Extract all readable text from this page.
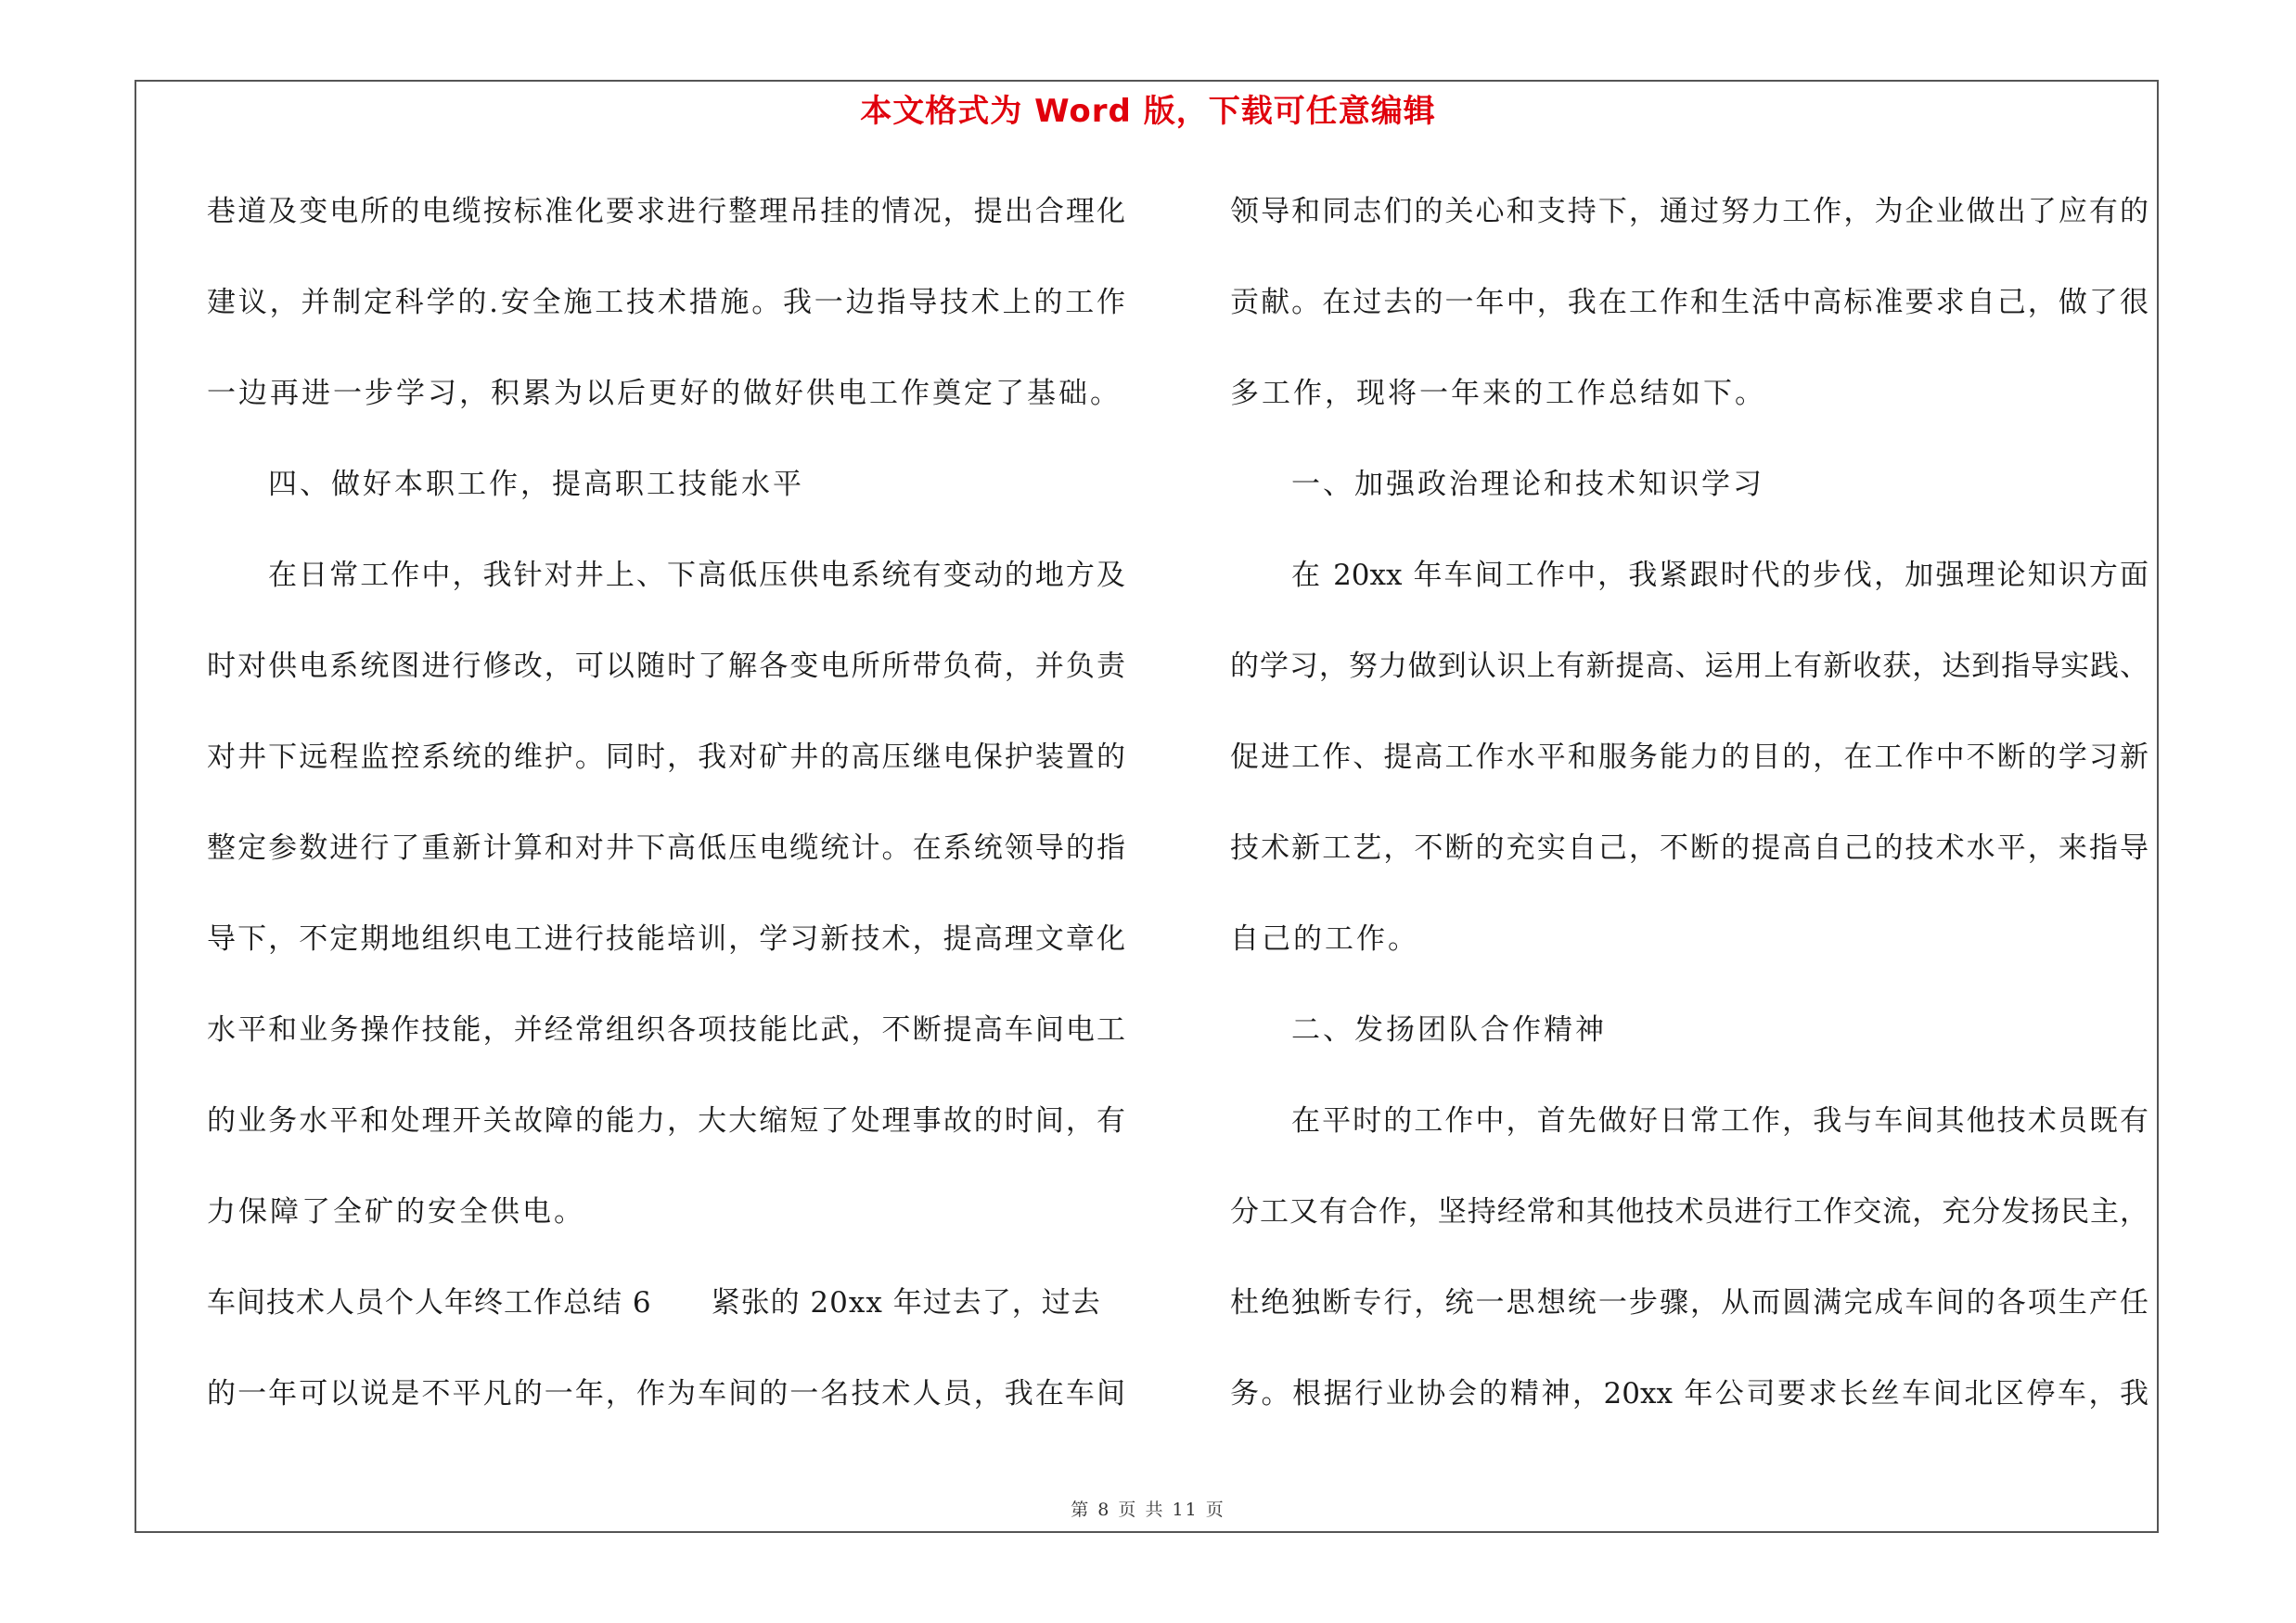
本文格式为 Word 版，下载可任意编辑
巷道及变电所的电缆按标准化要求进行整理吊挂的情况，提出合理化
建议，并制定科学的.安全施工技术措施。我一边指导技术上的工作
一边再进一步学习，积累为以后更好的做好供电工作奠定了基础。
四、做好本职工作，提高职工技能水平
在日常工作中，我针对井上、下高低压供电系统有变动的地方及
时对供电系统图进行修改，可以随时了解各变电所所带负荷，并负责
对井下远程监控系统的维护。同时，我对矿井的高压继电保护装置的
整定参数进行了重新计算和对井下高低压电缆统计。在系统领导的指
导下，不定期地组织电工进行技能培训，学习新技术，提高理文章化
水平和业务操作技能，并经常组织各项技能比武，不断提高车间电工
的业务水平和处理开关故障的能力，大大缩短了处理事故的时间，有
力保障了全矿的安全供电。
车间技术人员个人年终工作总结 6　　紧张的 20xx 年过去了，过去
的一年可以说是不平凡的一年，作为车间的一名技术人员，我在车间
领导和同志们的关心和支持下，通过努力工作，为企业做出了应有的
贡献。在过去的一年中，我在工作和生活中高标准要求自己，做了很
多工作，现将一年来的工作总结如下。
一、加强政治理论和技术知识学习
在 20xx 年车间工作中，我紧跟时代的步伐，加强理论知识方面
的学习，努力做到认识上有新提高、运用上有新收获，达到指导实践、
促进工作、提高工作水平和服务能力的目的，在工作中不断的学习新
技术新工艺，不断的充实自己，不断的提高自己的技术水平，来指导
自己的工作。
二、发扬团队合作精神
在平时的工作中，首先做好日常工作，我与车间其他技术员既有
分工又有合作，坚持经常和其他技术员进行工作交流，充分发扬民主，
杜绝独断专行，统一思想统一步骤，从而圆满完成车间的各项生产任
务。根据行业协会的精神，20xx 年公司要求长丝车间北区停车，我
第 8 页 共 11 页
